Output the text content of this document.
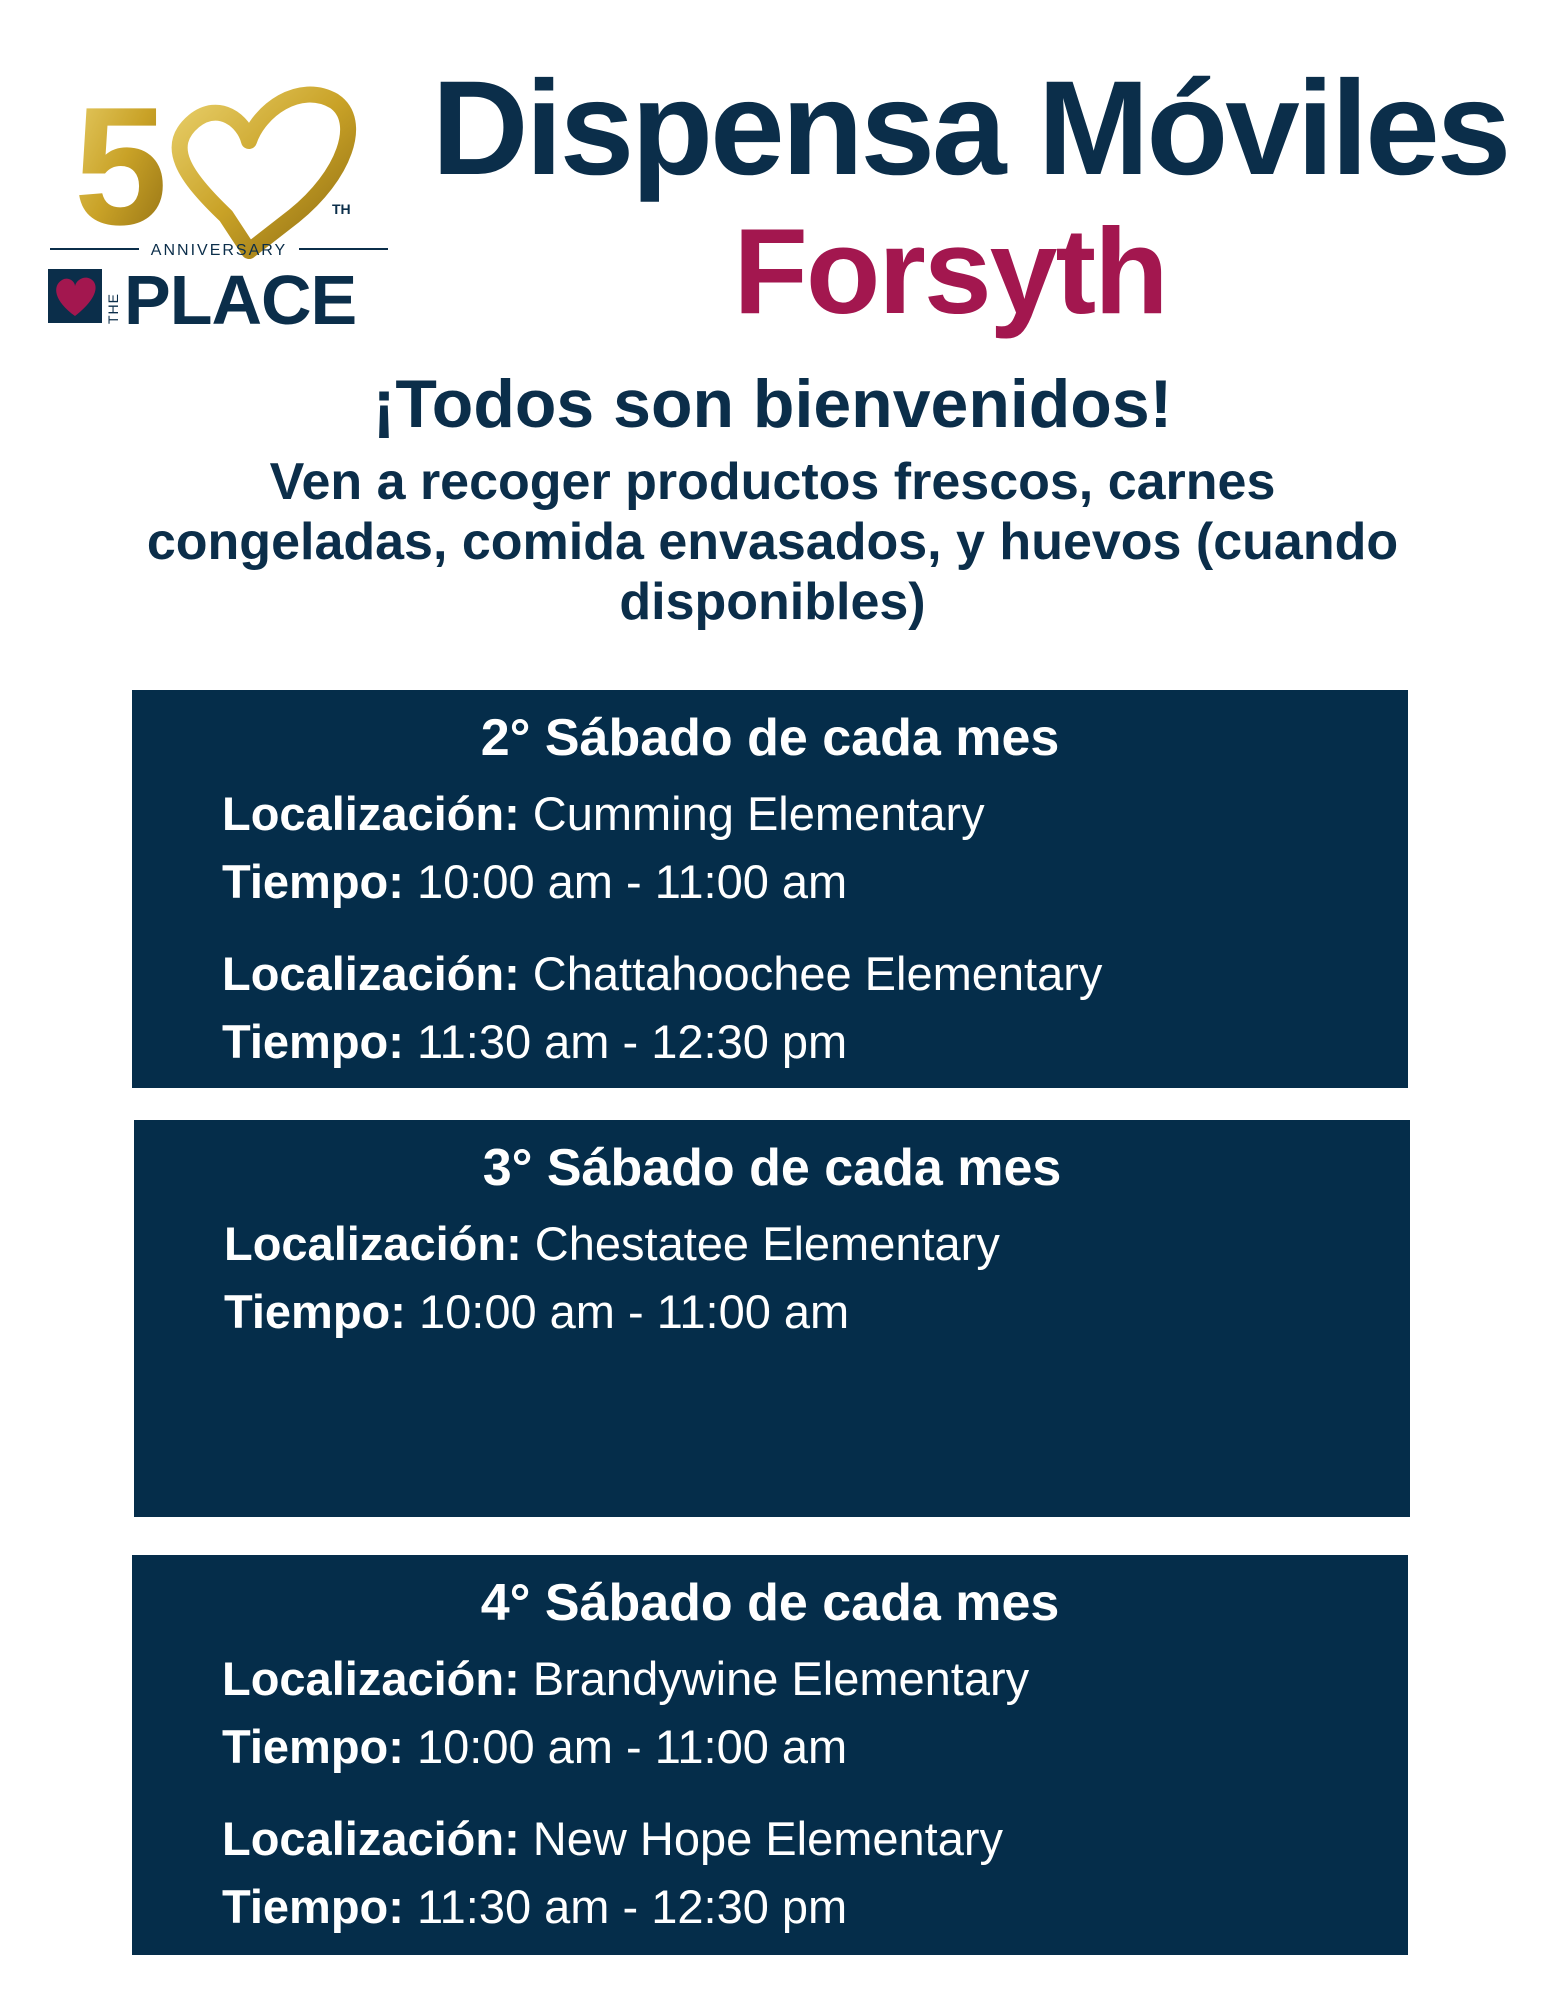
5	TH
ANNIVERSARY
THE PLACE
Dispensa Móviles
Forsyth
¡Todos son bienvenidos!
Ven a recoger productos frescos, carnes congeladas, comida envasados, y huevos (cuando disponibles)
2° Sábado de cada mes
Localización: Cumming Elementary
Tiempo: 10:00 am - 11:00 am
Localización: Chattahoochee Elementary
Tiempo: 11:30 am - 12:30 pm
3° Sábado de cada mes
Localización: Chestatee Elementary
Tiempo: 10:00 am - 11:00 am
4° Sábado de cada mes
Localización: Brandywine Elementary
Tiempo: 10:00 am - 11:00 am
Localización: New Hope Elementary
Tiempo: 11:30 am - 12:30 pm
